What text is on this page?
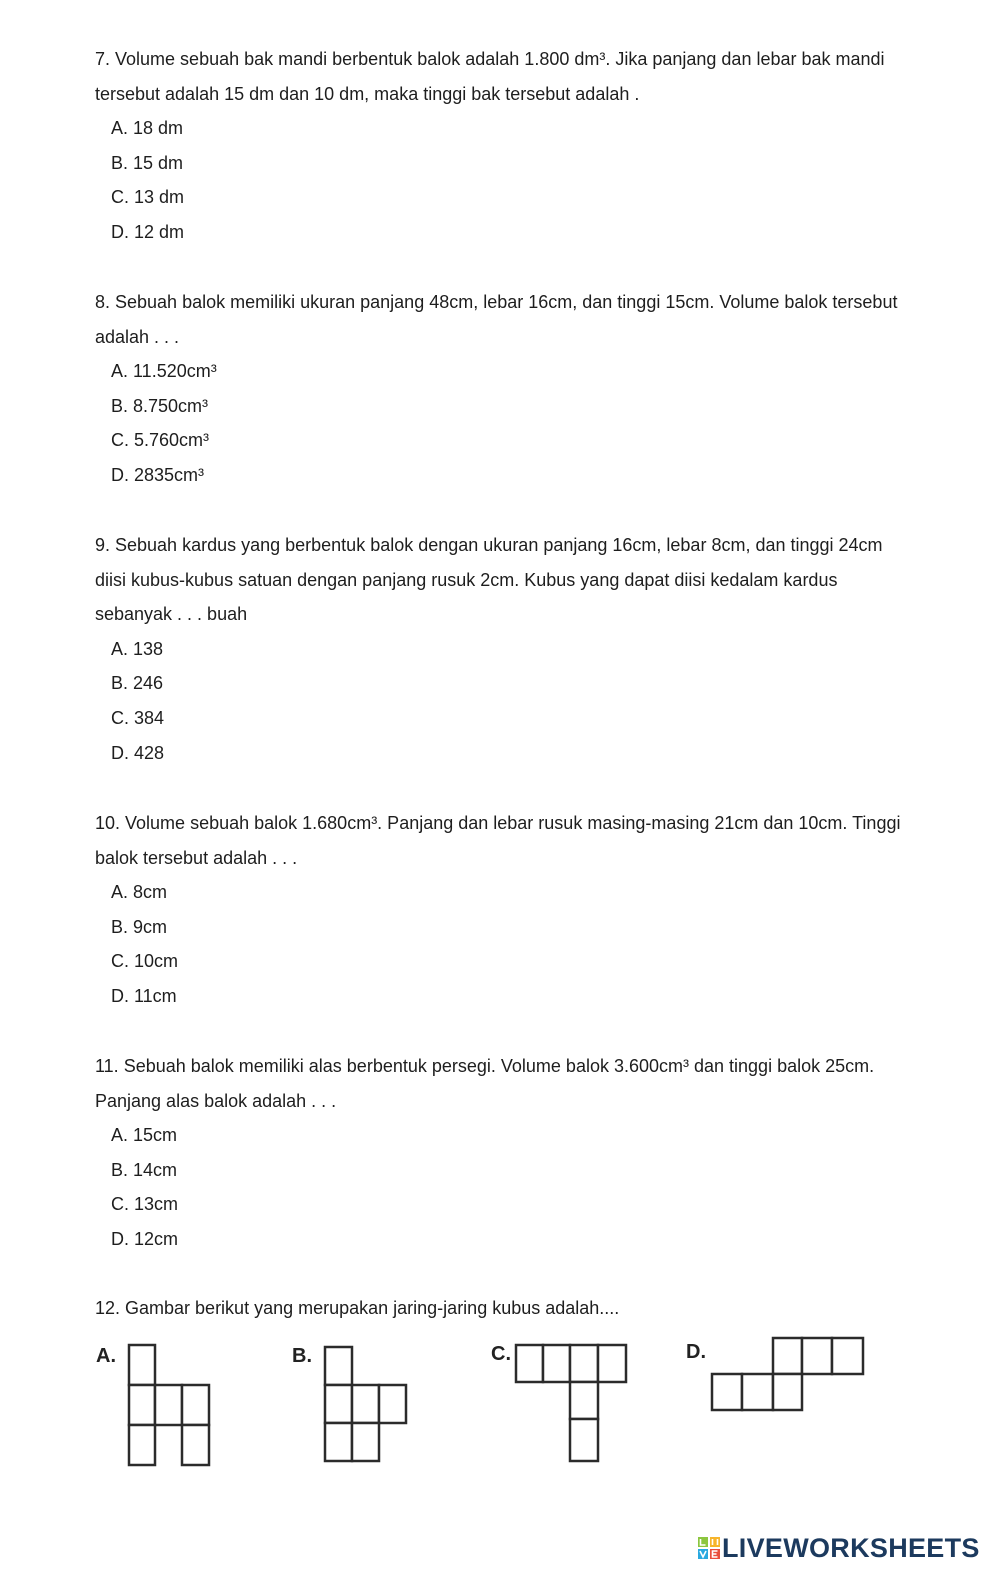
7. Volume sebuah bak mandi berbentuk balok adalah 1.800 dm³. Jika panjang dan lebar bak mandi tersebut adalah 15 dm dan 10 dm, maka tinggi bak tersebut adalah .

A. 18 dm

B. 15 dm

C. 13 dm

D. 12 dm

8. Sebuah balok memiliki ukuran panjang 48cm, lebar 16cm, dan tinggi 15cm. Volume balok tersebut adalah . . .

A. 11.520cm³

B. 8.750cm³

C. 5.760cm³

D. 2835cm³

9. Sebuah kardus yang berbentuk balok dengan ukuran panjang 16cm, lebar 8cm, dan tinggi 24cm diisi kubus-kubus satuan dengan panjang rusuk 2cm. Kubus yang dapat diisi kedalam kardus sebanyak . . . buah

A. 138

B. 246

C. 384

D. 428

10. Volume sebuah balok 1.680cm³. Panjang dan lebar rusuk masing-masing 21cm dan 10cm. Tinggi balok tersebut adalah . . .

A. 8cm

B. 9cm

C. 10cm

D. 11cm

11. Sebuah balok memiliki alas berbentuk persegi. Volume balok 3.600cm³ dan tinggi balok 25cm. Panjang alas balok adalah . . .

A. 15cm

B. 14cm

C. 13cm

D. 12cm

12. Gambar berikut yang merupakan jaring-jaring kubus adalah....

A.	B.	C.	D.
LIVEWORKSHEETS
